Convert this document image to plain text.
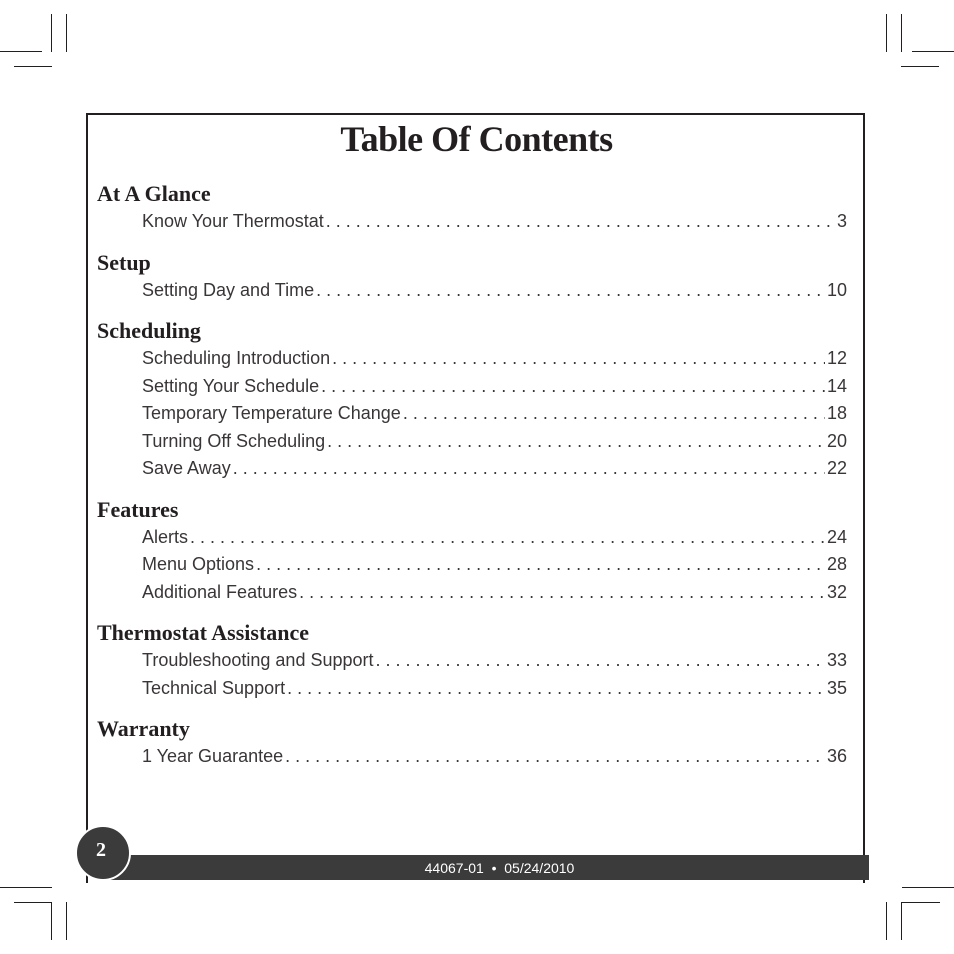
Table Of Contents
At A Glance
Know Your Thermostat . . .	3
Setup
Setting Day and Time . . .	10
Scheduling
Scheduling Introduction . . .	12
Setting Your Schedule . . .	14
Temporary Temperature Change . . .	18
Turning Off Scheduling . . .	20
Save Away . . .	22
Features
Alerts . . .	24
Menu Options . . .	28
Additional Features . . .	32
Thermostat Assistance
Troubleshooting and Support . . .	33
Technical Support . . .	35
Warranty
1 Year Guarantee . . .	36
44067-01  •  05/24/2010
2
